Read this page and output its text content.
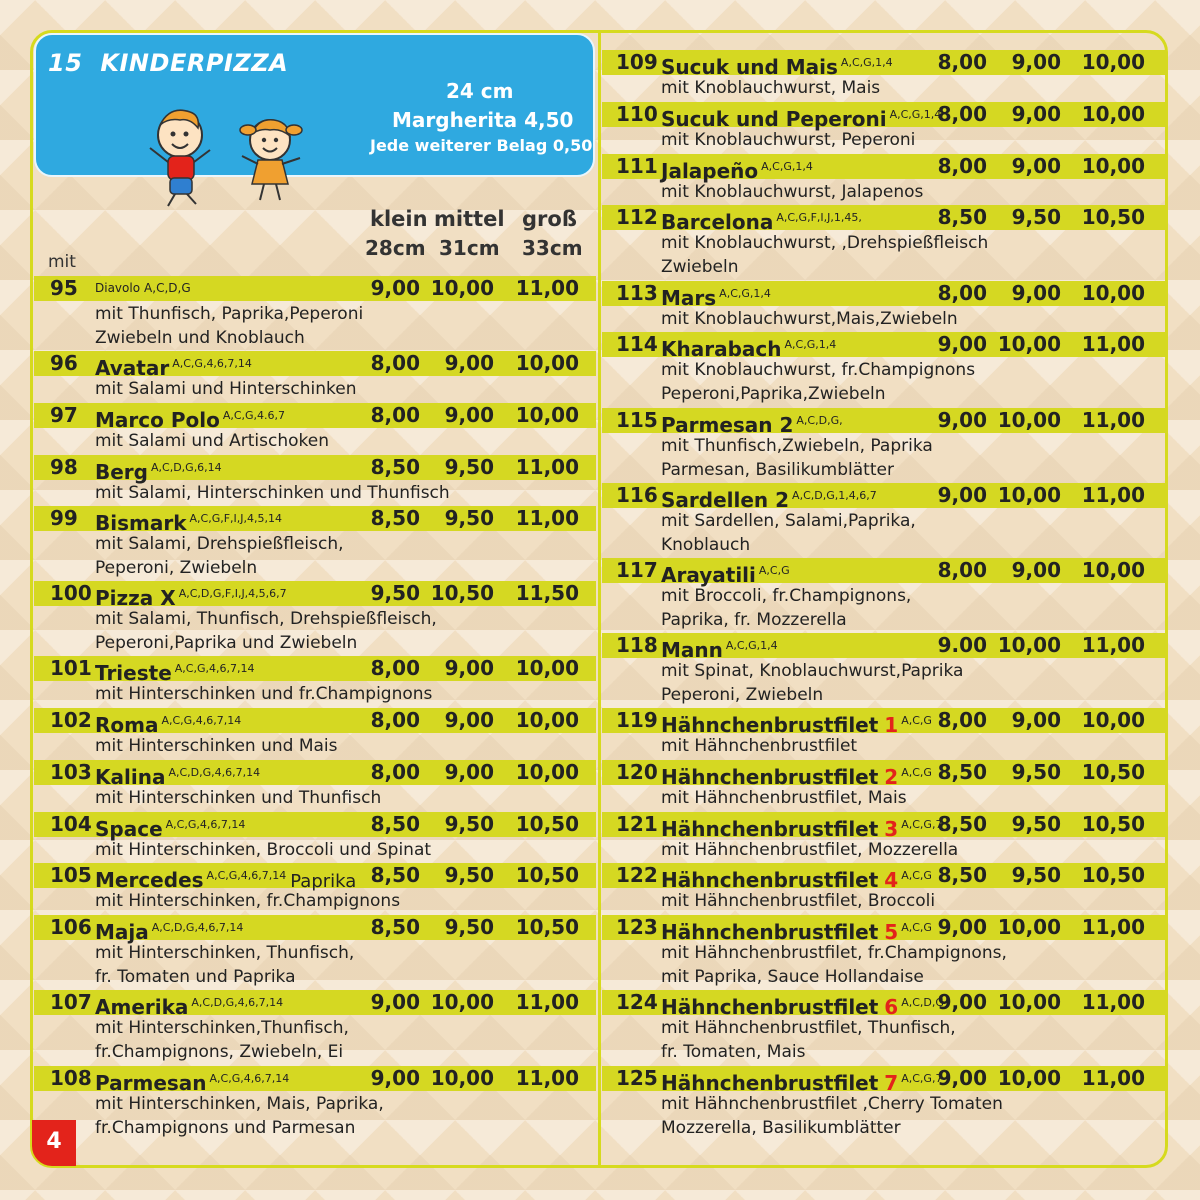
15 KINDERPIZZA
24 cm
Margherita 4,50
Jede weiterer Belag 0,50
klein mittel groß
28cm 31cm 33cm
mit
95 $^{Diavolo}$ $^{A,C,D,G}$	9,00 10,00	11,00
mit Thunfisch, Paprika,Peperoni
Zwiebeln und Knoblauch
96 Avatar $^{A,C,G,4,6,7,14}$	8,00	9,00	10,00
mit Salami und Hinterschinken
97 Marco Polo $^{A,C,G,4.6,7}$	8,00	9,00	10,00
mit Salami und Artischoken
98 Berg $^{A,C,D,G,6,14}$	8,50	9,50	11,00
mit Salami, Hinterschinken und Thunfisch
99 Bismark $^{A,C,G,F,I,J,4,5,14}$	8,50	9,50	11,00
mit Salami, Drehspießfleisch,
Peperoni, Zwiebeln
100 Pizza X $^{A,C,D,G,F,I,J,4,5,6,7}$	9,50 10,50	11,50
mit Salami, Thunfisch, Drehspießfleisch,
Peperoni,Paprika und Zwiebeln
101 Trieste $^{A,C,G,4,6,7,14}$	8,00	9,00	10,00
mit Hinterschinken und fr.Champignons
102 Roma $^{A,C,G,4,6,7,14}$	8,00	9,00	10,00
mit Hinterschinken und Mais
103 Kalina $^{A,C,D,G,4,6,7,14}$	8,00	9,00	10,00
mit Hinterschinken und Thunfisch
104 Space $^{A,C,G,4,6,7,14}$	8,50	9,50	10,50
mit Hinterschinken, Broccoli und Spinat
105 Mercedes $^{A,C,G,4,6,7,14}$ Paprika 8,50	9,50	10,50
mit Hinterschinken, fr.Champignons
106 Maja $^{A,C,D,G,4,6,7,14}$	8,50	9,50	10,50
mit Hinterschinken, Thunfisch,
fr. Tomaten und Paprika
107 Amerika $^{A,C,D,G,4,6,7,14}$	9,00 10,00	11,00
mit Hinterschinken,Thunfisch,
fr.Champignons, Zwiebeln, Ei
108 Parmesan $^{A,C,G,4,6,7,14}$	9,00 10,00	11,00
mit Hinterschinken, Mais, Paprika,
fr.Champignons und Parmesan
109 Sucuk und Mais $^{A,C,G,1,4}$	8,00	9,00	10,00
mit Knoblauchwurst, Mais
110 Sucuk und Peperoni $^{A,C,G,1,4}$
8,00	9,00	10,00
mit Knoblauchwurst, Peperoni
111 Jalapeño $^{A,C,G,1,4}$	8,00	9,00	10,00
mit Knoblauchwurst, Jalapenos
112 Barcelona $^{A,C,G,F,I,J,1,45,}$	8,50	9,50	10,50
mit Knoblauchwurst, ,Drehspießfleisch
Zwiebeln
113 Mars $^{A,C,G,1,4}$	8,00	9,00	10,00
mit Knoblauchwurst,Mais,Zwiebeln
114 Kharabach $^{A,C,G,1,4}$	9,00 10,00	11,00
mit Knoblauchwurst, fr.Champignons
Peperoni,Paprika,Zwiebeln
115 Parmesan 2 $^{A,C,D,G,}$	9,00 10,00	11,00
mit Thunfisch,Zwiebeln, Paprika
Parmesan, Basilikumblätter
116 Sardellen 2 $^{A,C,D,G,1,4,6,7}$	9,00 10,00	11,00
mit Sardellen, Salami,Paprika,
Knoblauch
117 Arayatili $^{A,C,G}$	8,00	9,00	10,00
mit Broccoli, fr.Champignons,
Paprika, fr. Mozzerella
118 Mann $^{A,C,G,1,4}$	9.00 10,00	11,00
mit Spinat, Knoblauchwurst,Paprika
Peperoni, Zwiebeln
119 Hähnchenbrustfilet 1 $^{A,C,G}$ 8,00	9,00	10,00
mit Hähnchenbrustfilet
120 Hähnchenbrustfilet 2 $^{A,C,G}$ 8,50	9,50	10,50
mit Hähnchenbrustfilet, Mais
121 Hähnchenbrustfilet 3 $^{A,C,G,7}$
8,50	9,50	10,50
mit Hähnchenbrustfilet, Mozzerella
122 Hähnchenbrustfilet 4 $^{A,C,G}$ 8,50	9,50	10,50
mit Hähnchenbrustfilet, Broccoli
123 Hähnchenbrustfilet 5 $^{A,C,G}$ 9,00 10,00	11,00
mit Hähnchenbrustfilet, fr.Champignons,
mit Paprika, Sauce Hollandaise
124 Hähnchenbrustfilet 6 $^{A,C,D,G}$
9,00 10,00	11,00
mit Hähnchenbrustfilet, Thunfisch,
fr. Tomaten, Mais
125 Hähnchenbrustfilet 7 $^{A,C,G,7}$
9,00 10,00	11,00
mit Hähnchenbrustfilet ,Cherry Tomaten
Mozzerella, Basilikumblätter
4
